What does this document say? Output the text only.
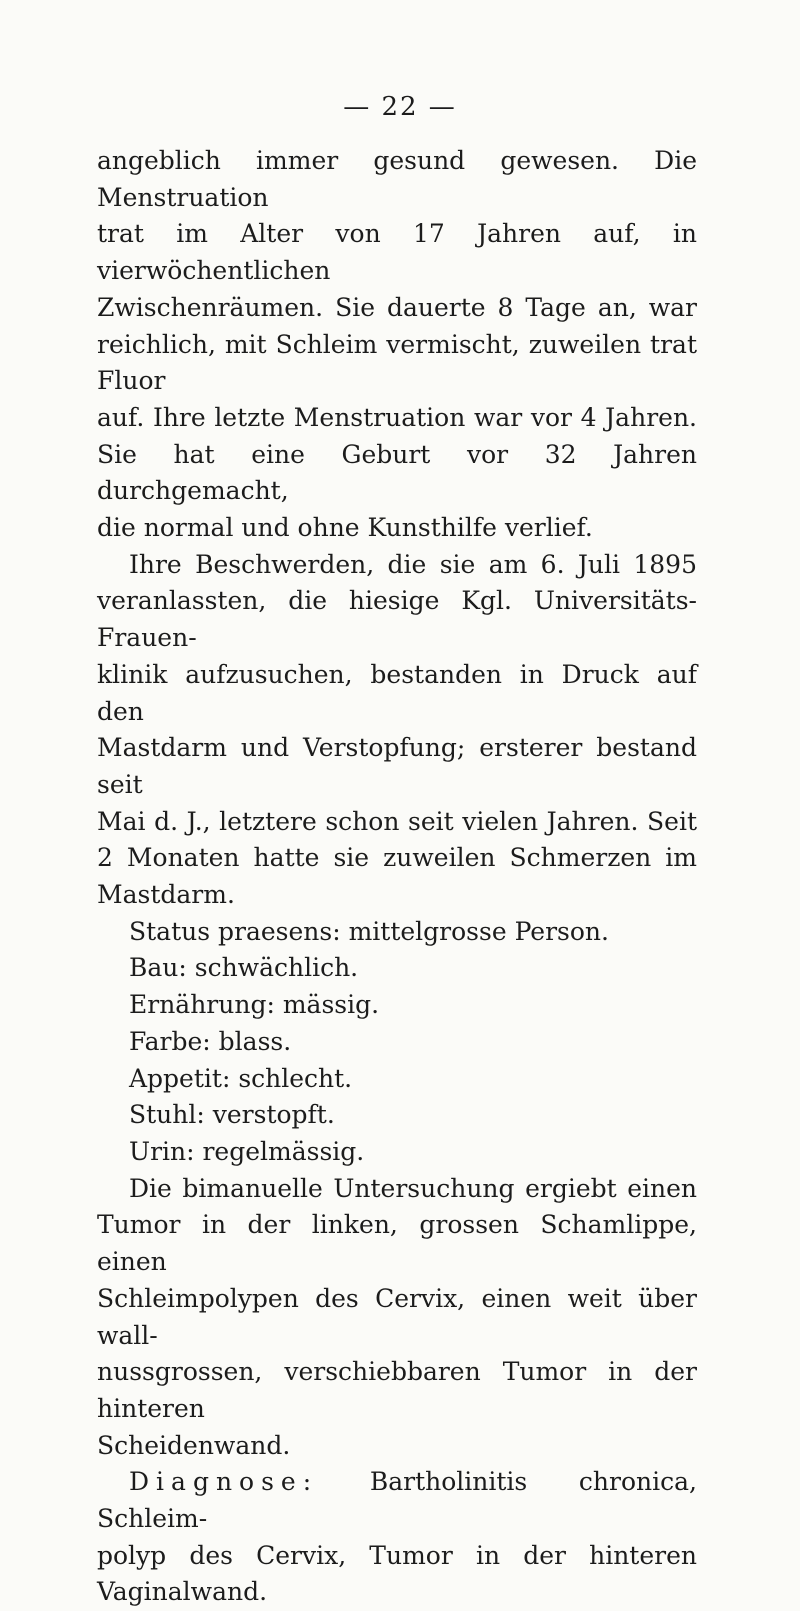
— 22 —

angeblich immer gesund gewesen. Die Menstruation

trat im Alter von 17 Jahren auf, in vierwöchentlichen

Zwischenräumen. Sie dauerte 8 Tage an, war

reichlich, mit Schleim vermischt, zuweilen trat Fluor

auf. Ihre letzte Menstruation war vor 4 Jahren.

Sie hat eine Geburt vor 32 Jahren durchgemacht,

die normal und ohne Kunsthilfe verlief.

Ihre Beschwerden, die sie am 6. Juli 1895

veranlassten, die hiesige Kgl. Universitäts-Frauen-

klinik aufzusuchen, bestanden in Druck auf den

Mastdarm und Verstopfung; ersterer bestand seit

Mai d. J., letztere schon seit vielen Jahren. Seit

2 Monaten hatte sie zuweilen Schmerzen im Mastdarm.

Status praesens: mittelgrosse Person.
Bau: schwächlich.
Ernährung: mässig.
Farbe: blass.
Appetit: schlecht.
Stuhl: verstopft.
Urin: regelmässig.

Die bimanuelle Untersuchung ergiebt einen

Tumor in der linken, grossen Schamlippe, einen

Schleimpolypen des Cervix, einen weit über wall-

nussgrossen, verschiebbaren Tumor in der hinteren

Scheidenwand.

Diagnose: Bartholinitis chronica, Schleim-

polyp des Cervix, Tumor in der hinteren Vaginalwand.
